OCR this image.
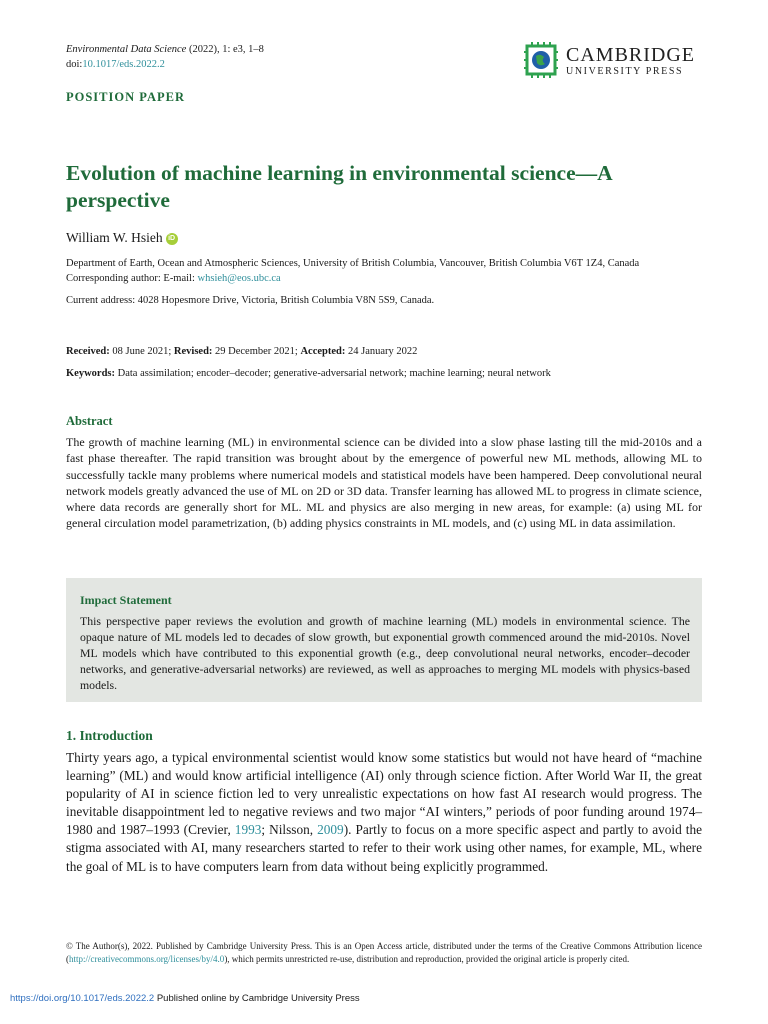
Environmental Data Science (2022), 1: e3, 1–8
doi:10.1017/eds.2022.2	CAMBRIDGE
UNIVERSITY PRESS
POSITION PAPER
Evolution of machine learning in environmental science—A perspective
William W. Hsieh iD

Department of Earth, Ocean and Atmospheric Sciences, University of British Columbia, Vancouver, British Columbia V6T 1Z4, Canada

Corresponding author: E-mail: whsieh@eos.ubc.ca

Current address: 4028 Hopesmore Drive, Victoria, British Columbia V8N 5S9, Canada.

Received: 08 June 2021; Revised: 29 December 2021; Accepted: 24 January 2022
Keywords: Data assimilation; encoder–decoder; generative-adversarial network; machine learning; neural network
Abstract
The growth of machine learning (ML) in environmental science can be divided into a slow phase lasting till the mid-2010s and a fast phase thereafter. The rapid transition was brought about by the emergence of powerful new ML methods, allowing ML to successfully tackle many problems where numerical models and statistical models have been hampered. Deep convolutional neural network models greatly advanced the use of ML on 2D or 3D data. Transfer learning has allowed ML to progress in climate science, where data records are generally short for ML. ML and physics are also merging in new areas, for example: (a) using ML for general circulation model parametrization, (b) adding physics constraints in ML models, and (c) using ML in data assimilation.
Impact Statement
This perspective paper reviews the evolution and growth of machine learning (ML) models in environmental science. The opaque nature of ML models led to decades of slow growth, but exponential growth commenced around the mid-2010s. Novel ML models which have contributed to this exponential growth (e.g., deep convolutional neural networks, encoder–decoder networks, and generative-adversarial networks) are reviewed, as well as approaches to merging ML models with physics-based models.
1. Introduction
Thirty years ago, a typical environmental scientist would know some statistics but would not have heard of “machine learning” (ML) and would know artificial intelligence (AI) only through science fiction. After World War II, the great popularity of AI in science fiction led to very unrealistic expectations on how fast AI research would progress. The inevitable disappointment led to negative reviews and two major “AI winters,” periods of poor funding around 1974–1980 and 1987–1993 (Crevier, 1993; Nilsson, 2009). Partly to focus on a more specific aspect and partly to avoid the stigma associated with AI, many researchers started to refer to their work using other names, for example, ML, where the goal of ML is to have computers learn from data without being explicitly programmed.
© The Author(s), 2022. Published by Cambridge University Press. This is an Open Access article, distributed under the terms of the Creative Commons Attribution licence (http://creativecommons.org/licenses/by/4.0), which permits unrestricted re-use, distribution and reproduction, provided the original article is properly cited.
https://doi.org/10.1017/eds.2022.2 Published online by Cambridge University Press
